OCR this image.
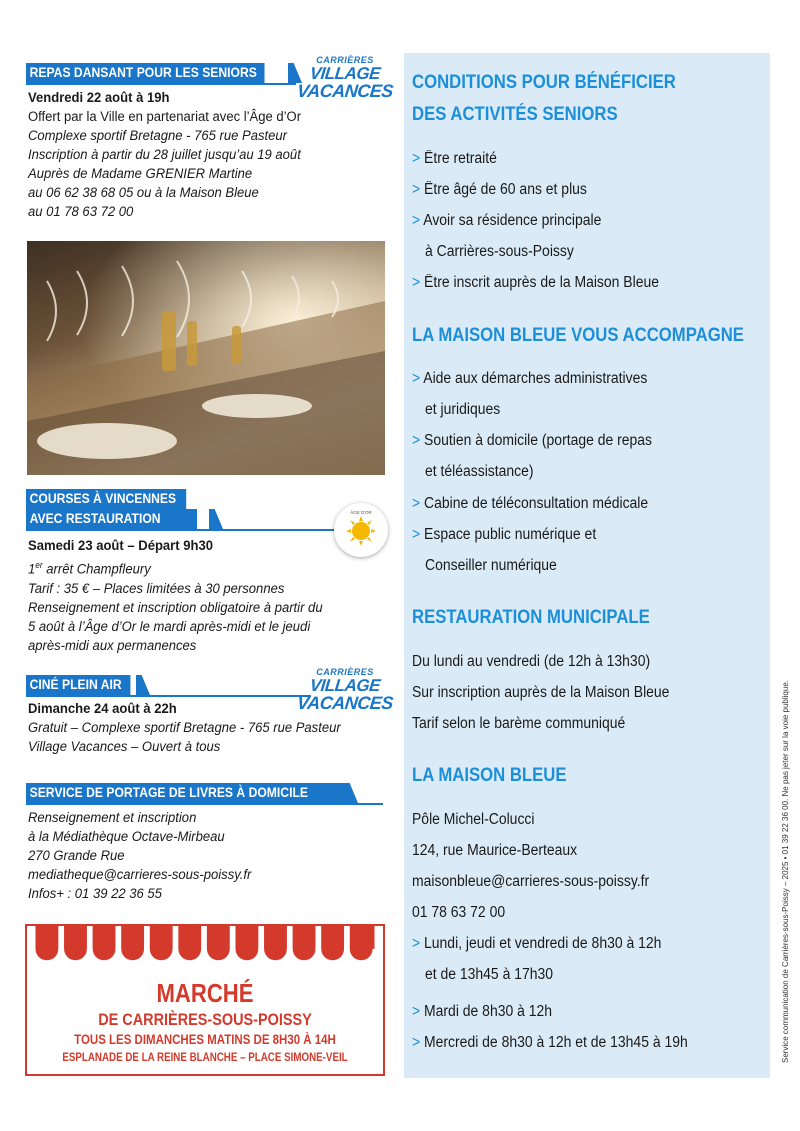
REPAS DANSANT POUR LES SENIORS
CARRIÈRES
VILLAGE
VACANCES
Vendredi 22 août à 19h
Offert par la Ville en partenariat avec l’Âge d’Or
Complexe sportif Bretagne - 765 rue Pasteur
Inscription à partir du 28 juillet jusqu’au 19 août
Auprès de Madame GRENIER Martine
au 06 62 38 68 05 ou à la Maison Bleue
au 01 78 63 72 00
COURSES À VINCENNES
AVEC RESTAURATION	ÂGE D'OR
Samedi 23 août – Départ 9h30
1er arrêt Champfleury
Tarif : 35 € – Places limitées à 30 personnes
Renseignement et inscription obligatoire à partir du
5 août à l’Âge d’Or le mardi après-midi et le jeudi
après-midi aux permanences
CINÉ PLEIN AIR
CARRIÈRES
VILLAGE
VACANCES
Dimanche 24 août à 22h
Gratuit – Complexe sportif Bretagne - 765 rue Pasteur
Village Vacances – Ouvert à tous
SERVICE DE PORTAGE DE LIVRES À DOMICILE
Renseignement et inscription
à la Médiathèque Octave-Mirbeau
270 Grande Rue
mediatheque@carrieres-sous-poissy.fr
Infos+ : 01 39 22 36 55
MARCHÉ
DE CARRIÈRES-SOUS-POISSY
TOUS LES DIMANCHES MATINS DE 8H30 À 14H
ESPLANADE DE LA REINE BLANCHE – PLACE SIMONE-VEIL
CONDITIONS POUR BÉNÉFICIER
DES ACTIVITÉS SENIORS
> Être retraité
> Être âgé de 60 ans et plus
> Avoir sa résidence principale
à Carrières-sous-Poissy
> Être inscrit auprès de la Maison Bleue
LA MAISON BLEUE VOUS ACCOMPAGNE
> Aide aux démarches administratives
et juridiques
> Soutien à domicile (portage de repas
et téléassistance)
> Cabine de téléconsultation médicale
> Espace public numérique et
Conseiller numérique
RESTAURATION MUNICIPALE
Du lundi au vendredi (de 12h à 13h30)
Sur inscription auprès de la Maison Bleue
Tarif selon le barème communiqué
LA MAISON BLEUE
Pôle Michel-Colucci
124, rue Maurice-Berteaux
maisonbleue@carrieres-sous-poissy.fr
01 78 63 72 00
> Lundi, jeudi et vendredi de 8h30 à 12h
et de 13h45 à 17h30
> Mardi de 8h30 à 12h
> Mercredi de 8h30 à 12h et de 13h45 à 19h	Service communication de Carrières-sous-Poissy – 2025 • 01 39 22 36 00. Ne pas jeter sur la voie publique.
